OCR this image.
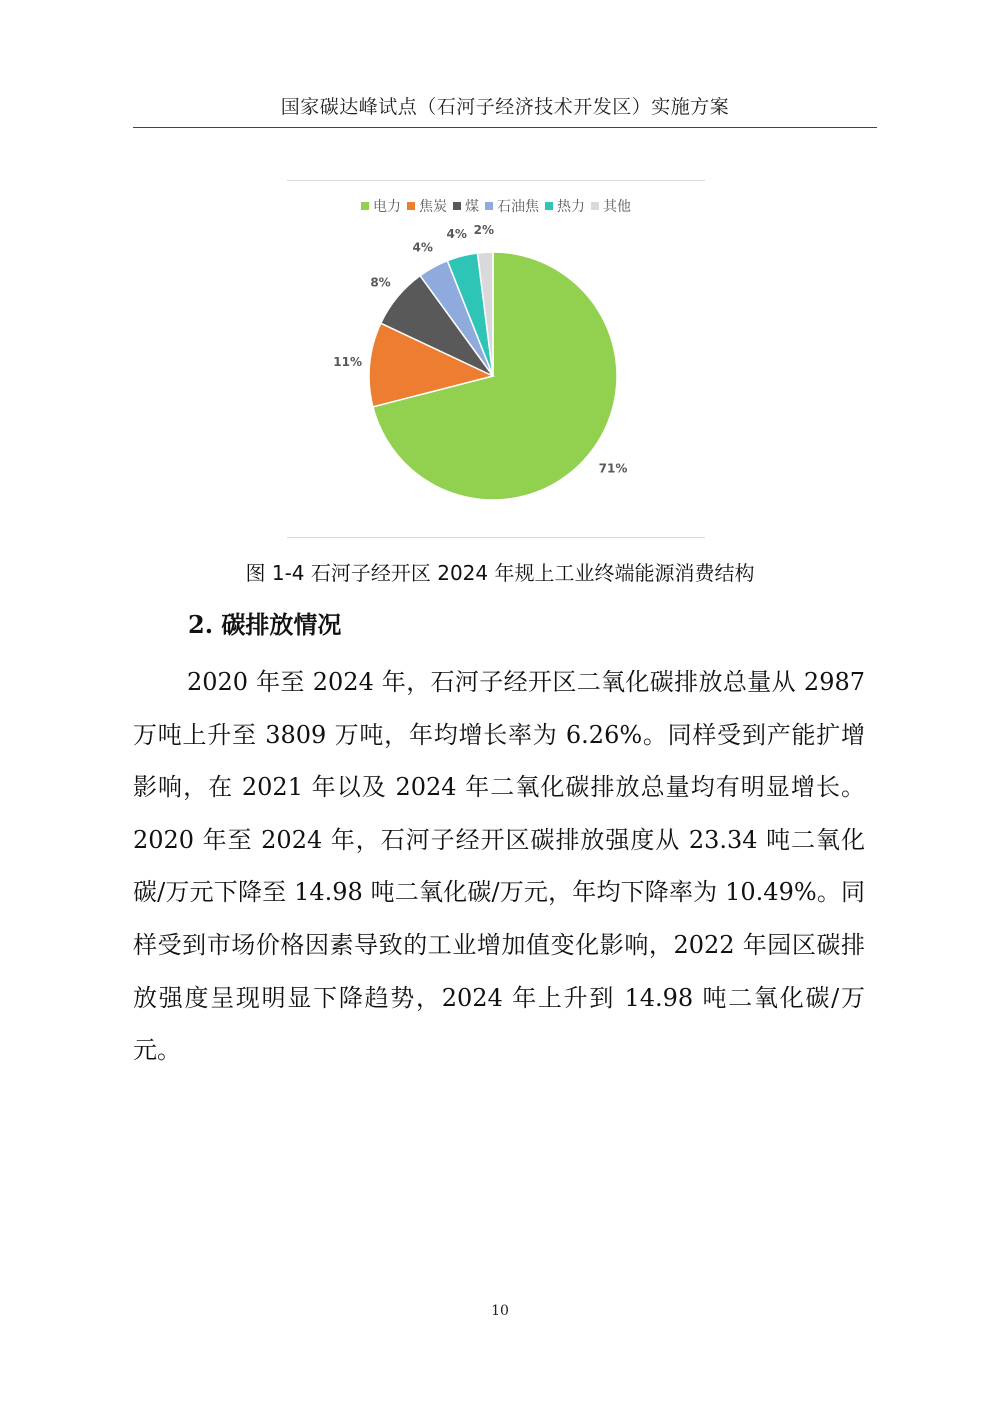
国家碳达峰试点（石河子经济技术开发区）实施方案
电力 焦炭 煤 石油焦 热力 其他
71%
11%
8%
4%
4% 2%
图 1-4 石河子经开区 2024 年规上工业终端能源消费结构
2. 碳排放情况

2020 年至 2024 年，石河子经开区二氧化碳排放总量从 2987 万吨上升至 3809 万吨，年均增长率为 6.26%。同样受到产能扩增影响，在 2021 年以及 2024 年二氧化碳排放总量均有明显增长。2020 年至 2024 年，石河子经开区碳排放强度从 23.34 吨二氧化碳/万元下降至 14.98 吨二氧化碳/万元，年均下降率为 10.49%。同样受到市场价格因素导致的工业增加值变化影响，2022 年园区碳排放强度呈现明显下降趋势，2024 年上升到 14.98 吨二氧化碳/万元。

10
